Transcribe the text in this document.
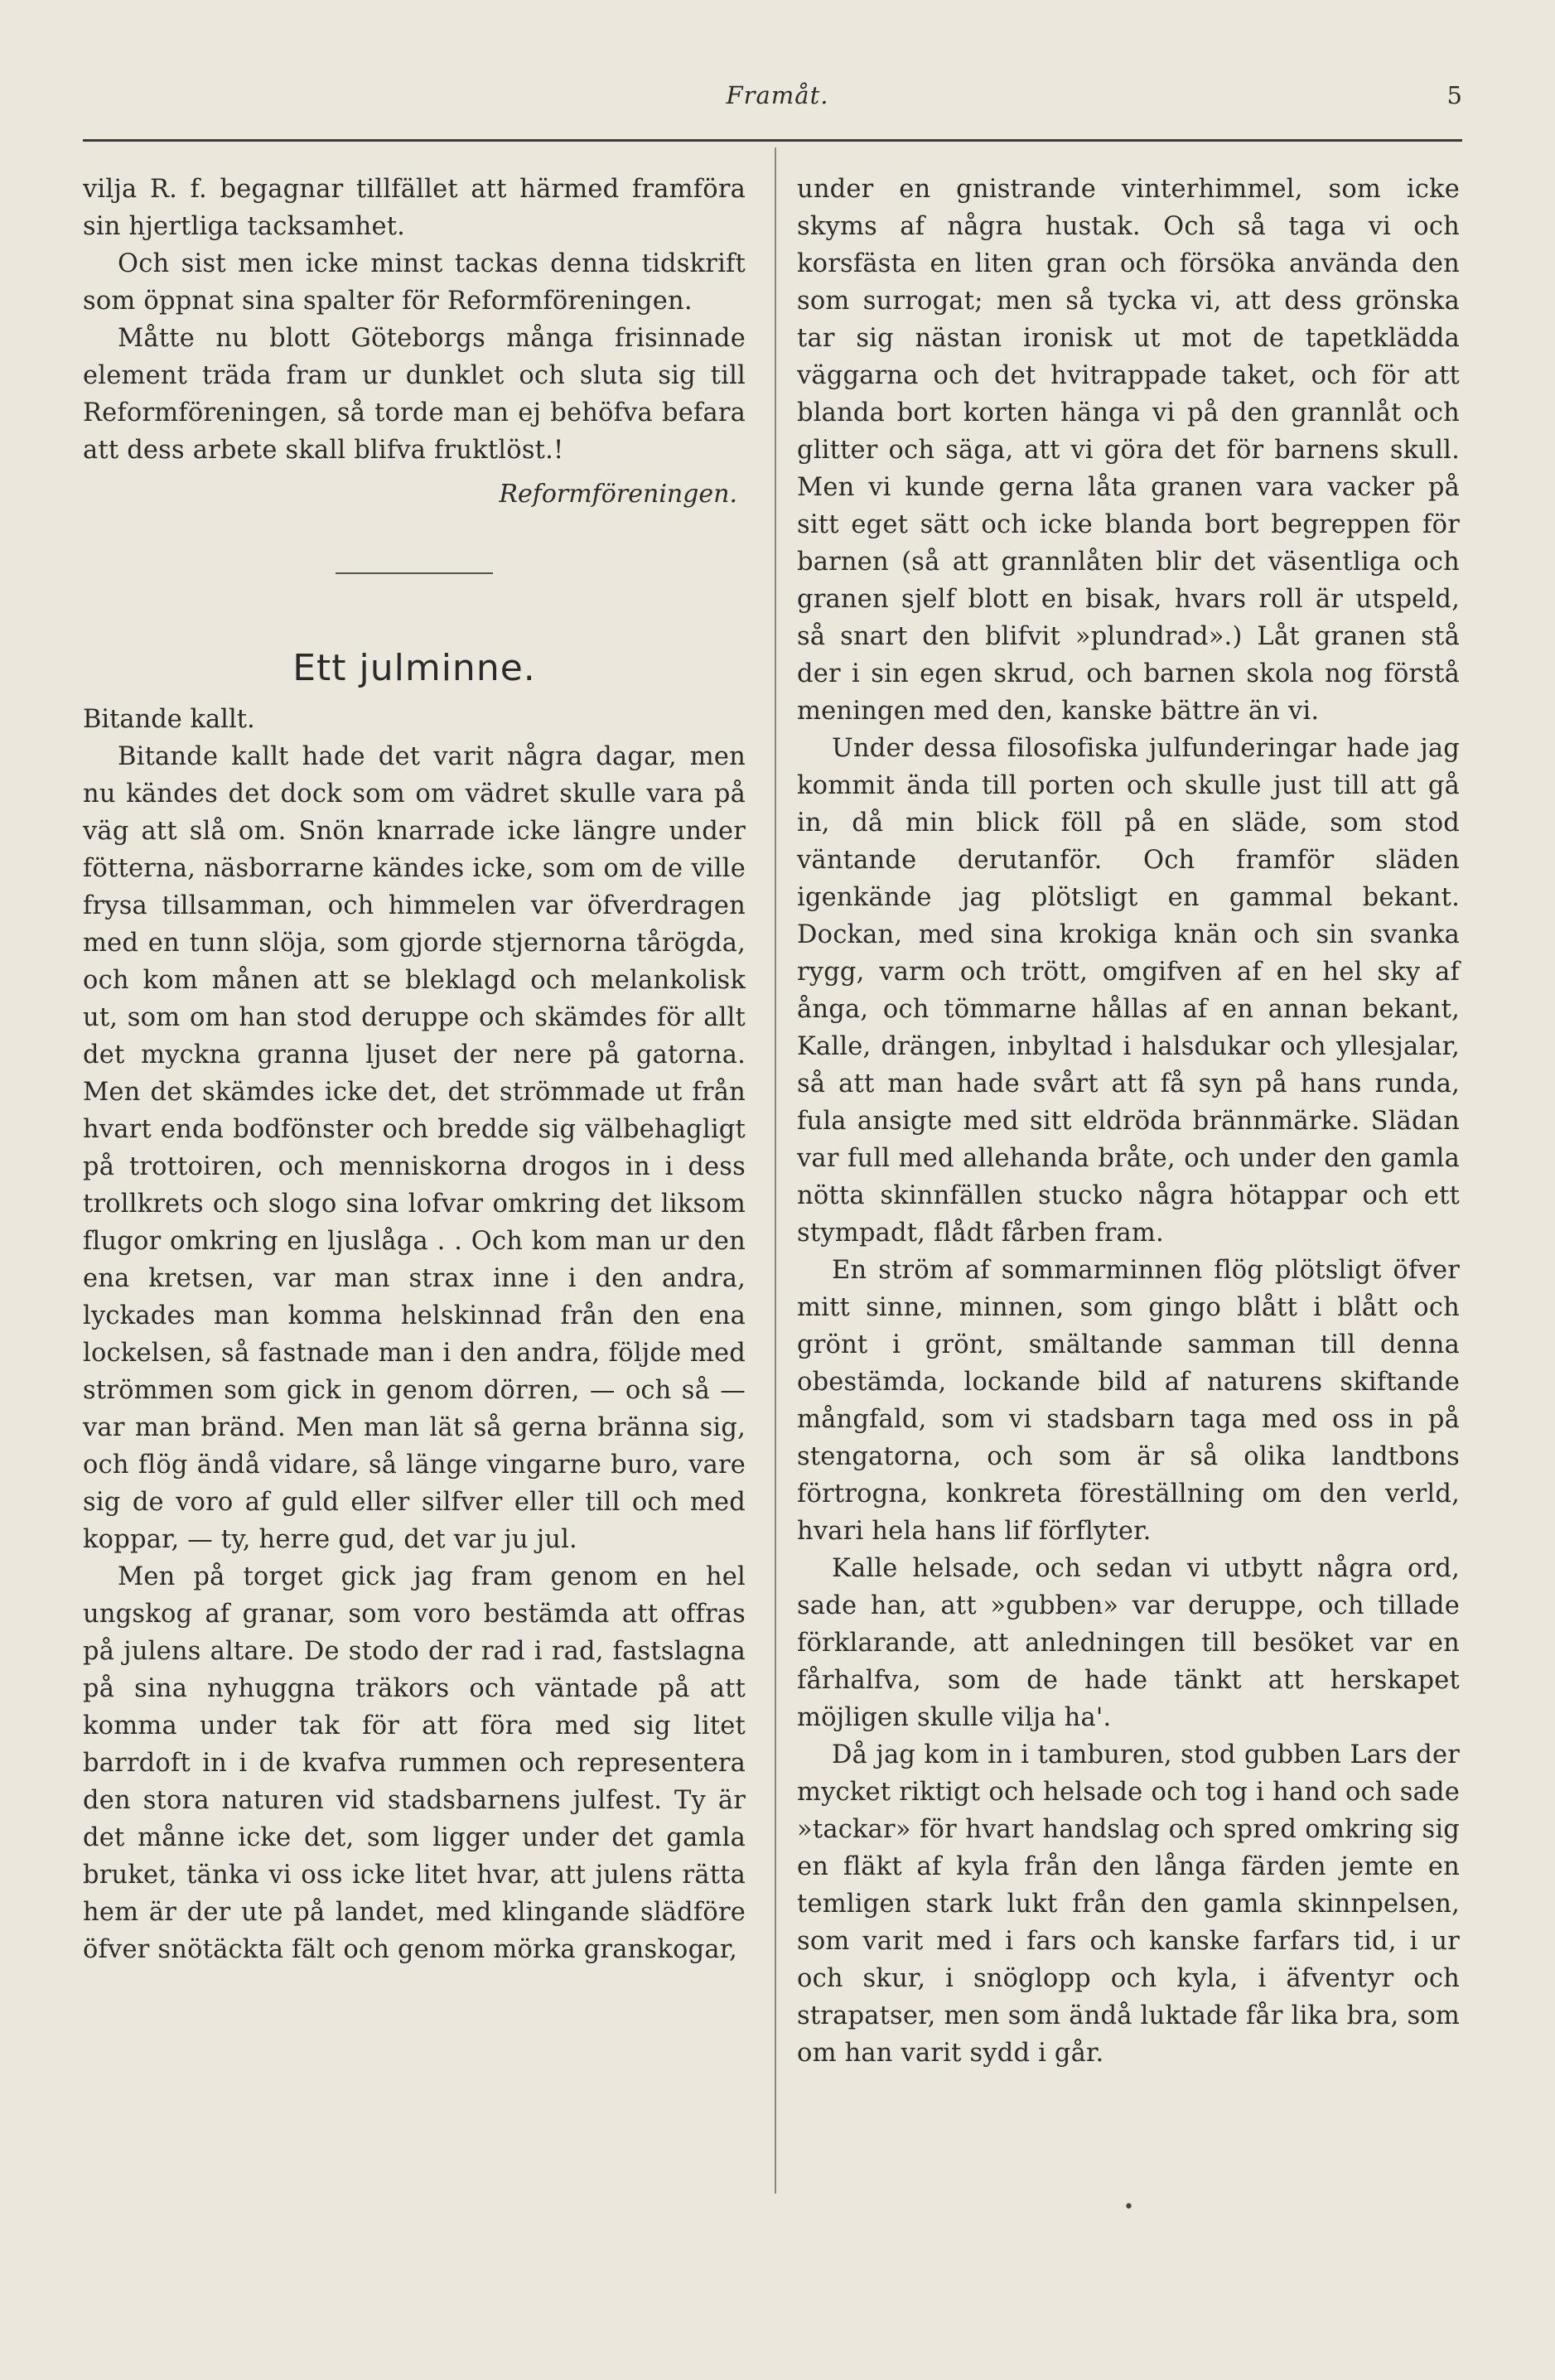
Framåt.	5

vilja R. f. begagnar tillfället att härmed framföra sin hjertliga tacksamhet.

Och sist men icke minst tackas denna tidskrift som öppnat sina spalter för Reformföreningen.

Måtte nu blott Göteborgs många frisinnade element träda fram ur dunklet och sluta sig till Reformföreningen, så torde man ej behöfva befara att dess arbete skall blifva fruktlöst.!

Reformföreningen.

Ett julminne.

Bitande kallt.

Bitande kallt hade det varit några dagar, men nu kändes det dock som om vädret skulle vara på väg att slå om. Snön knarrade icke längre under fötterna, näsborrarne kändes icke, som om de ville frysa tillsamman, och himmelen var öfverdragen med en tunn slöja, som gjorde stjernorna tårögda, och kom månen att se bleklagd och melankolisk ut, som om han stod deruppe och skämdes för allt det myckna granna ljuset der nere på gatorna. Men det skämdes icke det, det strömmade ut från hvart enda bodfönster och bredde sig välbehagligt på trottoiren, och menniskorna drogos in i dess trollkrets och slogo sina lofvar omkring det liksom flugor omkring en ljuslåga . . Och kom man ur den ena kretsen, var man strax inne i den andra, lyckades man komma helskinnad från den ena lockelsen, så fastnade man i den andra, följde med strömmen som gick in genom dörren, — och så — var man bränd. Men man lät så gerna bränna sig, och flög ändå vidare, så länge vingarne buro, vare sig de voro af guld eller silfver eller till och med koppar, — ty, herre gud, det var ju jul.

Men på torget gick jag fram genom en hel ungskog af granar, som voro bestämda att offras på julens altare. De stodo der rad i rad, fastslagna på sina nyhuggna träkors och väntade på att komma under tak för att föra med sig litet barrdoft in i de kvafva rummen och representera den stora naturen vid stadsbarnens julfest. Ty är det månne icke det, som ligger under det gamla bruket, tänka vi oss icke litet hvar, att julens rätta hem är der ute på landet, med klingande slädföre öfver snötäckta fält och genom mörka granskogar,

under en gnistrande vinterhimmel, som icke skyms af några hustak. Och så taga vi och korsfästa en liten gran och försöka använda den som surrogat; men så tycka vi, att dess grönska tar sig nästan ironisk ut mot de tapetklädda väggarna och det hvitrappade taket, och för att blanda bort korten hänga vi på den grannlåt och glitter och säga, att vi göra det för barnens skull. Men vi kunde gerna låta granen vara vacker på sitt eget sätt och icke blanda bort begreppen för barnen (så att grannlåten blir det väsentliga och granen sjelf blott en bisak, hvars roll är utspeld, så snart den blifvit »plundrad».) Låt granen stå der i sin egen skrud, och barnen skola nog förstå meningen med den, kanske bättre än vi.

Under dessa filosofiska julfunderingar hade jag kommit ända till porten och skulle just till att gå in, då min blick föll på en släde, som stod väntande derutanför. Och framför släden igenkände jag plötsligt en gammal bekant. Dockan, med sina krokiga knän och sin svanka rygg, varm och trött, omgifven af en hel sky af ånga, och tömmarne hållas af en annan bekant, Kalle, drängen, inbyltad i halsdukar och yllesjalar, så att man hade svårt att få syn på hans runda, fula ansigte med sitt eldröda brännmärke. Slädan var full med allehanda bråte, och under den gamla nötta skinnfällen stucko några hötappar och ett stympadt, flådt fårben fram.

En ström af sommarminnen flög plötsligt öfver mitt sinne, minnen, som gingo blått i blått och grönt i grönt, smältande samman till denna obestämda, lockande bild af naturens skiftande mångfald, som vi stadsbarn taga med oss in på stengatorna, och som är så olika landtbons förtrogna, konkreta föreställning om den verld, hvari hela hans lif förflyter.

Kalle helsade, och sedan vi utbytt några ord, sade han, att »gubben» var deruppe, och tillade förklarande, att anledningen till besöket var en fårhalfva, som de hade tänkt att herskapet möjligen skulle vilja ha'.

Då jag kom in i tamburen, stod gubben Lars der mycket riktigt och helsade och tog i hand och sade »tackar» för hvart handslag och spred omkring sig en fläkt af kyla från den långa färden jemte en temligen stark lukt från den gamla skinnpelsen, som varit med i fars och kanske farfars tid, i ur och skur, i snöglopp och kyla, i äfventyr och strapatser, men som ändå luktade får lika bra, som om han varit sydd i går.

•
